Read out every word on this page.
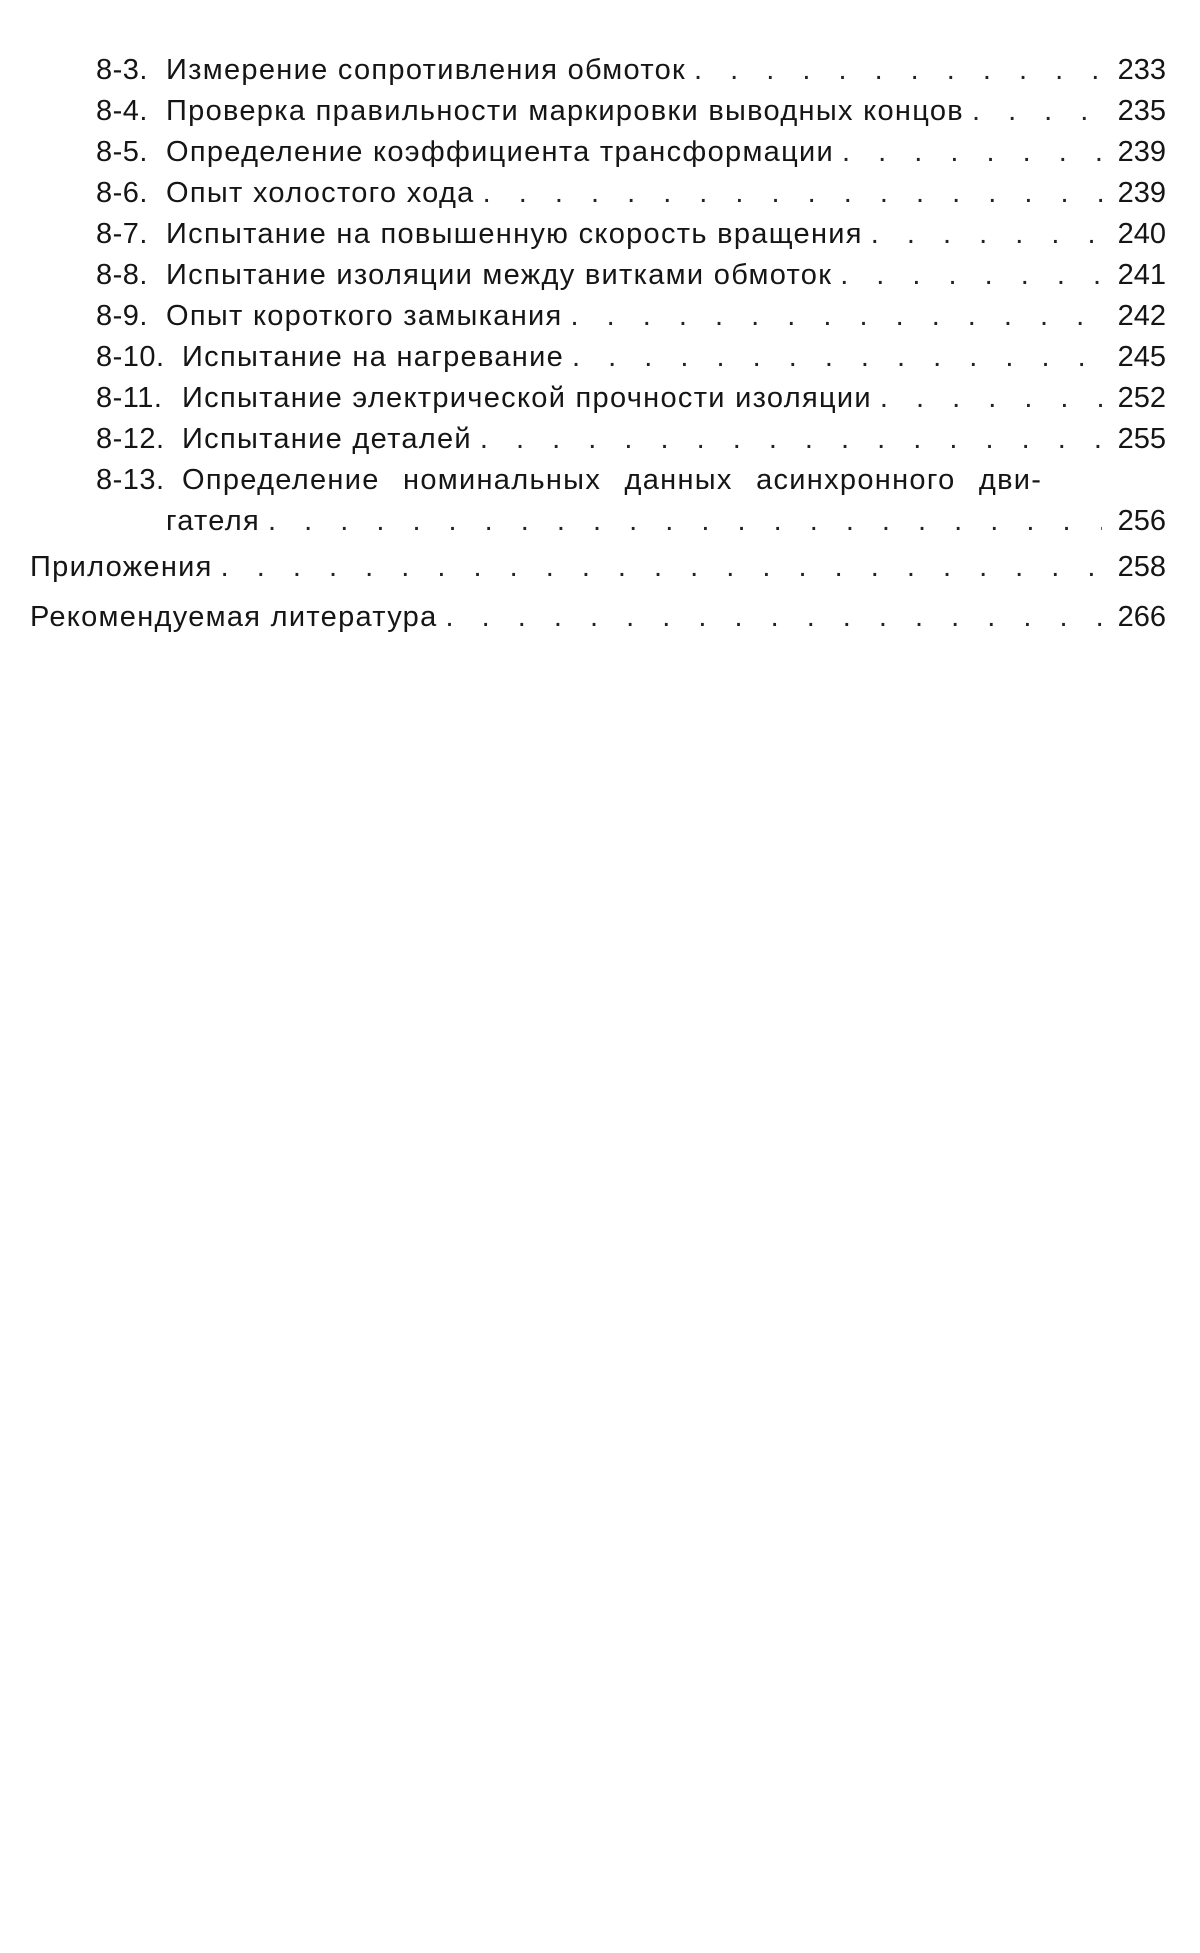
8-3. Измерение сопротивления обмоток . . .	233
8-4. Проверка правильности маркировки выводных концов . . .	235
8-5. Определение коэффициента трансформации . . .	239
8-6. Опыт холостого хода . . .	239
8-7. Испытание на повышенную скорость вращения . . .	240
8-8. Испытание изоляции между витками обмоток . . .	241
8-9. Опыт короткого замыкания . . .	242
8-10. Испытание на нагревание . . .	245
8-11. Испытание электрической прочности изоляции . . .	252
8-12. Испытание деталей . . .	255
8-13. Определение номинальных данных асинхронного дви-
гателя . . .	256
Приложения . . .	258
Рекомендуемая литература . . .	266
